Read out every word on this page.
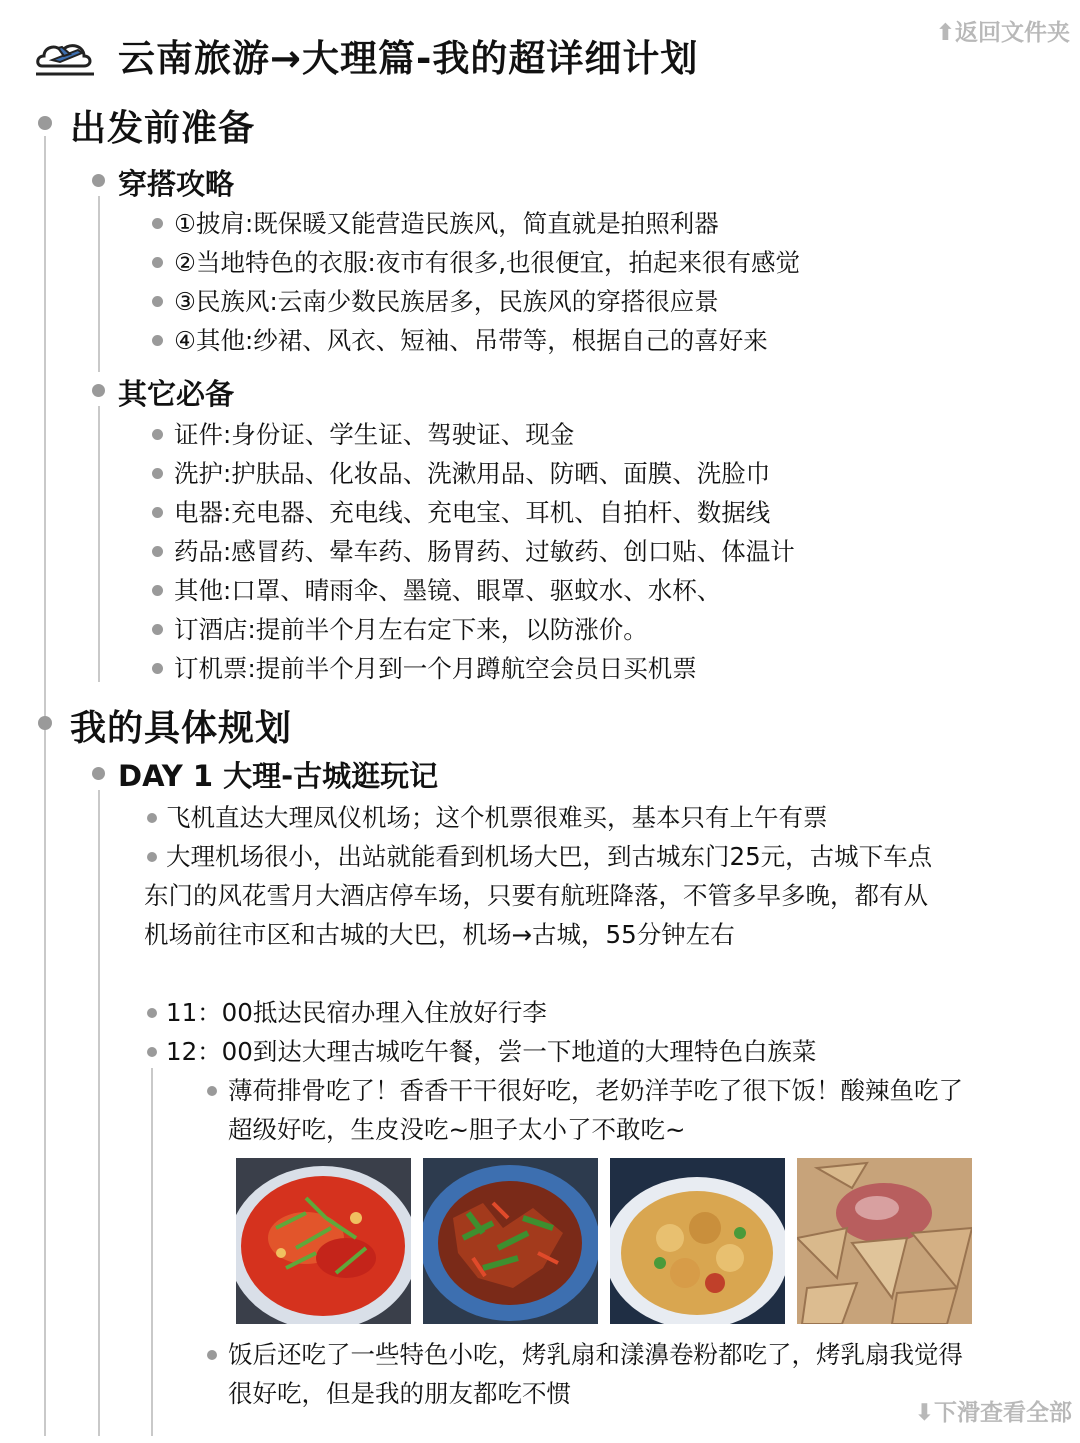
⬆返回文件夹
云南旅游→大理篇-我的超详细计划
出发前准备
穿搭攻略
①披肩:既保暖又能营造民族风，简直就是拍照利器
②当地特色的衣服:夜市有很多,也很便宜，拍起来很有感觉
③民族风:云南少数民族居多，民族风的穿搭很应景
④其他:纱裙、风衣、短袖、吊带等，根据自己的喜好来
其它必备
证件:身份证、学生证、驾驶证、现金
洗护:护肤品、化妆品、洗漱用品、防晒、面膜、洗脸巾
电器:充电器、充电线、充电宝、耳机、自拍杆、数据线
药品:感冒药、晕车药、肠胃药、过敏药、创口贴、体温计
其他:口罩、晴雨伞、墨镜、眼罩、驱蚊水、水杯、
订酒店:提前半个月左右定下来，以防涨价。
订机票:提前半个月到一个月蹲航空会员日买机票
我的具体规划
DAY 1 大理-古城逛玩记
飞机直达大理凤仪机场；这个机票很难买，基本只有上午有票
大理机场很小，出站就能看到机场大巴，到古城东门25元，古城下车点东门的风花雪月大酒店停车场，只要有航班降落，不管多早多晚，都有从机场前往市区和古城的大巴，机场→古城，55分钟左右
11：00抵达民宿办理入住放好行李
12：00到达大理古城吃午餐，尝一下地道的大理特色白族菜
薄荷排骨吃了！香香干干很好吃，老奶洋芋吃了很下饭！酸辣鱼吃了超级好吃，生皮没吃~胆子太小了不敢吃~
饭后还吃了一些特色小吃，烤乳扇和漾濞卷粉都吃了，烤乳扇我觉得很好吃，但是我的朋友都吃不惯
⬇下滑查看全部
